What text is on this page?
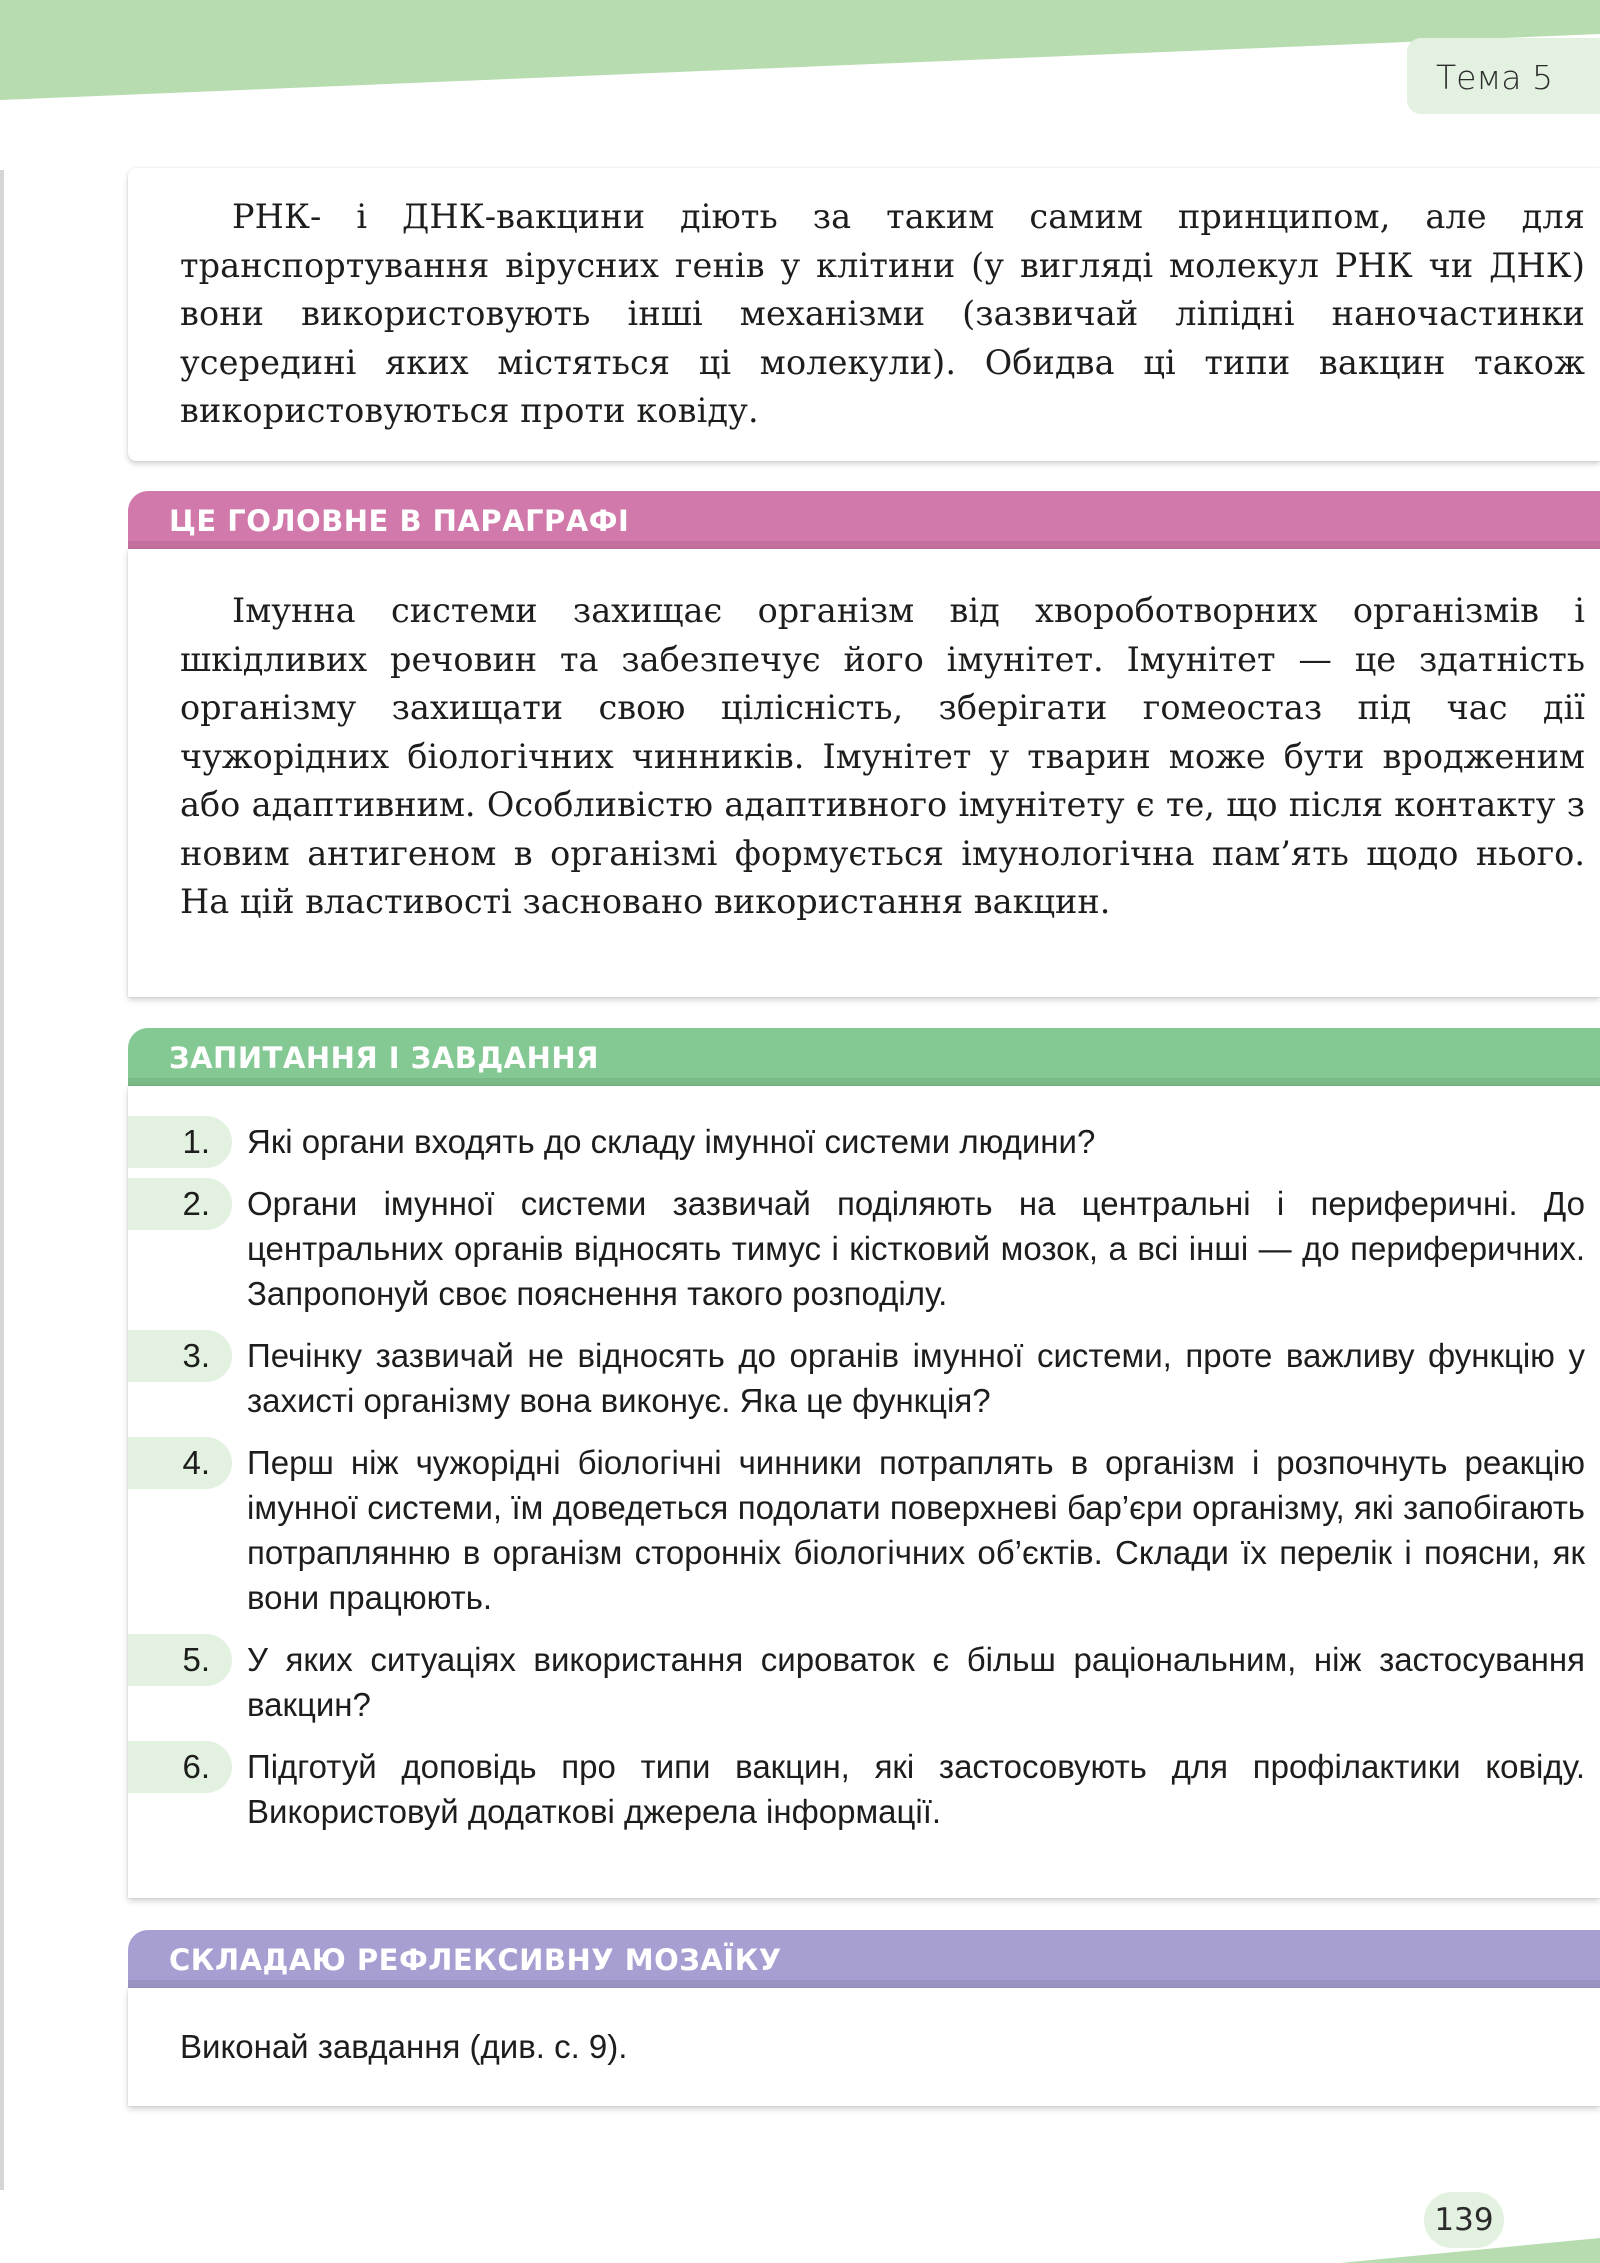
Тема 5

РНК- і ДНК-вакцини діють за таким самим принципом, але для транспортування вірусних генів у клітини (у вигляді молекул РНК чи ДНК) вони використовують інші механізми (зазвичай ліпідні наночастинки усередині яких містяться ці молекули). Обидва ці типи вакцин також використовуються проти ковіду.

ЦЕ ГОЛОВНЕ В ПАРАГРАФІ

Імунна системи захищає організм від хвороботворних організмів і шкідливих речовин та забезпечує його імунітет. Імунітет — це здатність організму захищати свою цілісність, зберігати гомеостаз під час дії чужорідних біологічних чинників. Імунітет у тварин може бути вродженим або адаптивним. Особливістю адаптивного імунітету є те, що після контакту з новим антигеном в організмі формується імунологічна пам’ять щодо нього. На цій властивості засновано використання вакцин.

ЗАПИТАННЯ І ЗАВДАННЯ
1.	Які органи входять до складу імунної системи людини?
2.	Органи імунної системи зазвичай поділяють на центральні і периферичні. До центральних органів відносять тимус і кістковий мозок, а всі інші — до периферичних. Запропонуй своє пояснення такого розподілу.
3.	Печінку зазвичай не відносять до органів імунної системи, проте важливу функцію у захисті організму вона виконує. Яка це функція?
4.	Перш ніж чужорідні біологічні чинники потраплять в організм і розпочнуть реакцію імунної системи, їм доведеться подолати поверхневі бар’єри організму, які запобігають потраплянню в організм сторонніх біологічних об’єктів. Склади їх перелік і поясни, як вони працюють.
5.	У яких ситуаціях використання сироваток є більш раціональним, ніж застосування вакцин?
6.	Підготуй доповідь про типи вакцин, які застосовують для профілактики ковіду. Використовуй додаткові джерела інформації.
СКЛАДАЮ РЕФЛЕКСИВНУ МОЗАЇКУ
Виконай завдання (див. с. 9).
139
